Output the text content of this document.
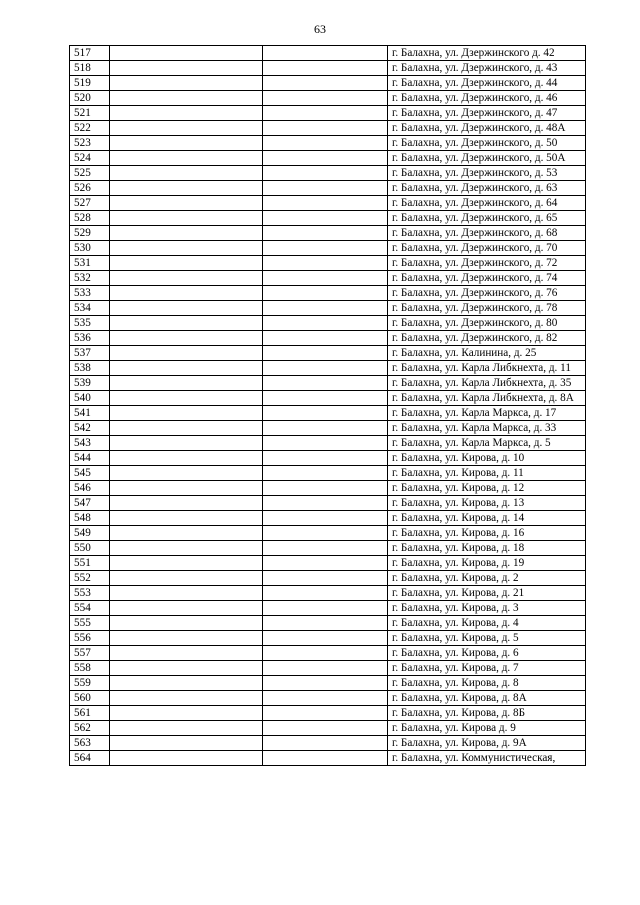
63
517			г. Балахна, ул. Дзержинского д. 42
518			г. Балахна, ул. Дзержинского, д. 43
519			г. Балахна, ул. Дзержинского, д. 44
520			г. Балахна, ул. Дзержинского, д. 46
521			г. Балахна, ул. Дзержинского, д. 47
522			г. Балахна, ул. Дзержинского, д. 48А
523			г. Балахна, ул. Дзержинского, д. 50
524			г. Балахна, ул. Дзержинского, д. 50А
525			г. Балахна, ул. Дзержинского, д. 53
526			г. Балахна, ул. Дзержинского, д. 63
527			г. Балахна, ул. Дзержинского, д. 64
528			г. Балахна, ул. Дзержинского, д. 65
529			г. Балахна, ул. Дзержинского, д. 68
530			г. Балахна, ул. Дзержинского, д. 70
531			г. Балахна, ул. Дзержинского, д. 72
532			г. Балахна, ул. Дзержинского, д. 74
533			г. Балахна, ул. Дзержинского, д. 76
534			г. Балахна, ул. Дзержинского, д. 78
535			г. Балахна, ул. Дзержинского, д. 80
536			г. Балахна, ул. Дзержинского, д. 82
537			г. Балахна, ул. Калинина, д. 25
538			г. Балахна, ул. Карла Либкнехта, д. 11
539			г. Балахна, ул. Карла Либкнехта, д. 35
540			г. Балахна, ул. Карла Либкнехта, д. 8А
541			г. Балахна, ул. Карла Маркса, д. 17
542			г. Балахна, ул. Карла Маркса, д. 33
543			г. Балахна, ул. Карла Маркса, д. 5
544			г. Балахна, ул. Кирова, д. 10
545			г. Балахна, ул. Кирова, д. 11
546			г. Балахна, ул. Кирова, д. 12
547			г. Балахна, ул. Кирова, д. 13
548			г. Балахна, ул. Кирова, д. 14
549			г. Балахна, ул. Кирова, д. 16
550			г. Балахна, ул. Кирова, д. 18
551			г. Балахна, ул. Кирова, д. 19
552			г. Балахна, ул. Кирова, д. 2
553			г. Балахна, ул. Кирова, д. 21
554			г. Балахна, ул. Кирова, д. 3
555			г. Балахна, ул. Кирова, д. 4
556			г. Балахна, ул. Кирова, д. 5
557			г. Балахна, ул. Кирова, д. 6
558			г. Балахна, ул. Кирова, д. 7
559			г. Балахна, ул. Кирова, д. 8
560			г. Балахна, ул. Кирова, д. 8А
561			г. Балахна, ул. Кирова, д. 8Б
562			г. Балахна, ул. Кирова д. 9
563			г. Балахна, ул. Кирова, д. 9А
564			г. Балахна, ул. Коммунистическая,
